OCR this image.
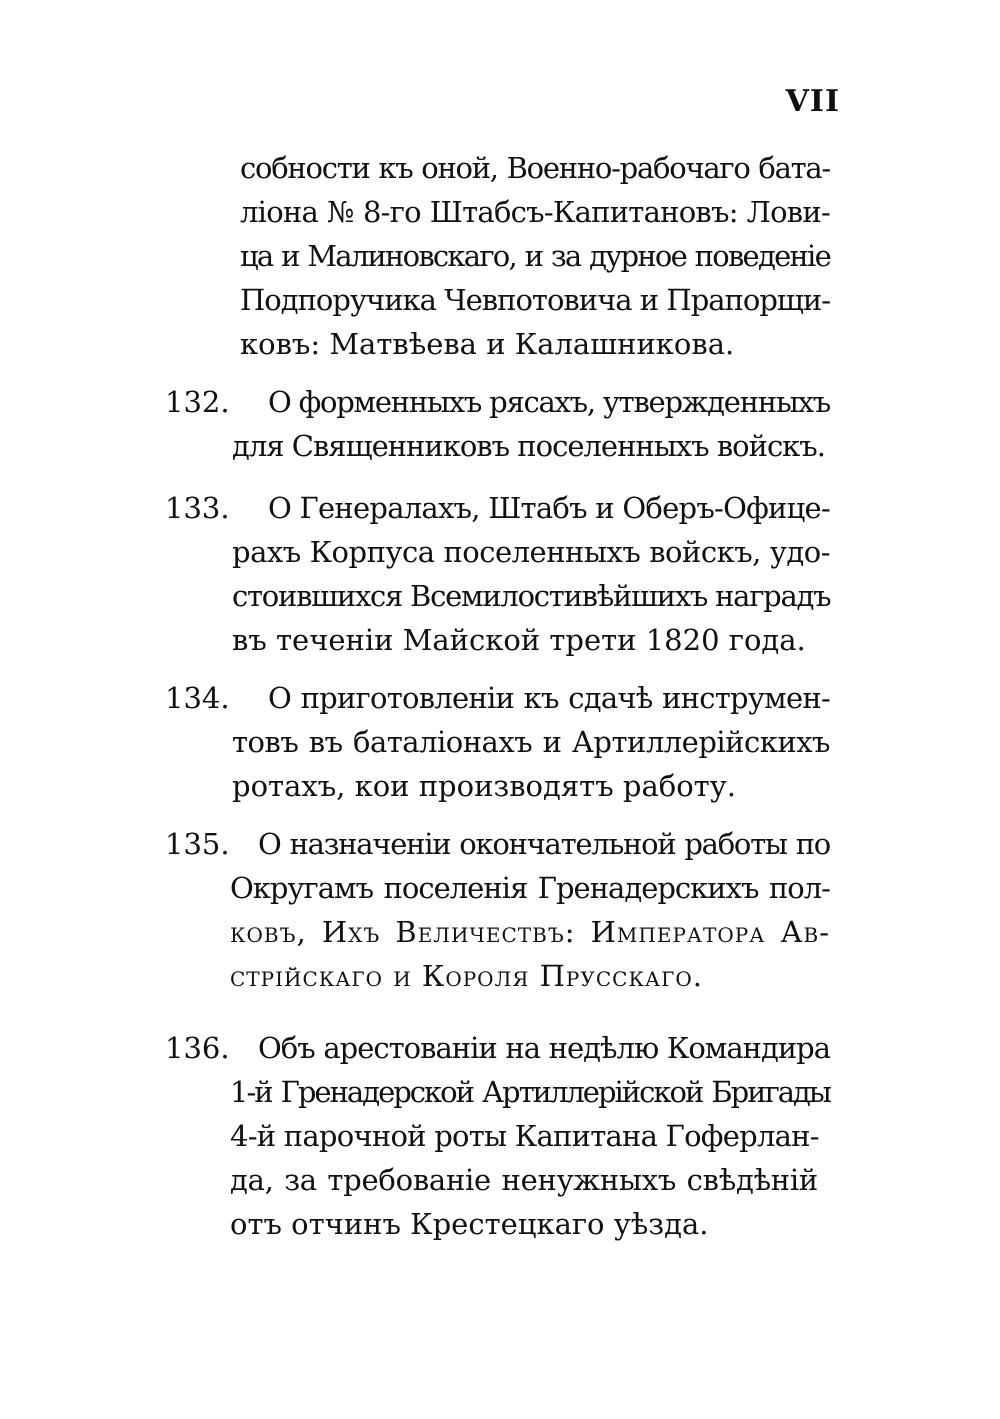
VII
собности къ оной, Военно-рабочаго бата-
ліона № 8-го Штабсъ-Капитановъ: Лови-
ца и Малиновскаго, и за дурное поведеніе
Подпоручика Чевпотовича и Прапорщи-
ковъ: Матвѣева и Калашникова.
132. О форменныхъ рясахъ, утвержденныхъ
для Священниковъ поселенныхъ войскъ.
133. О Генералахъ, Штабъ и Оберъ-Офице-
рахъ Корпуса поселенныхъ войскъ, удо-
стоившихся Всемилостивѣйшихъ наградъ
въ теченіи Майской трети 1820 года.
134. О приготовленіи къ сдачѣ инструмен-
товъ въ баталіонахъ и Артиллерійскихъ
ротахъ, кои производятъ работу.
135. О назначеніи окончательной работы по
Округамъ поселенія Гренадерскихъ пол-
ковъ, Ихъ Величествъ: Императора Ав-
стрійскаго и Короля Прусскаго.
136. Объ арестованіи на недѣлю Командира
1-й Гренадерской Артиллерійской Бригады
4-й парочной роты Капитана Гоферлан-
да, за требованіе ненужныхъ свѣдѣній
отъ отчинъ Крестецкаго уѣзда.
